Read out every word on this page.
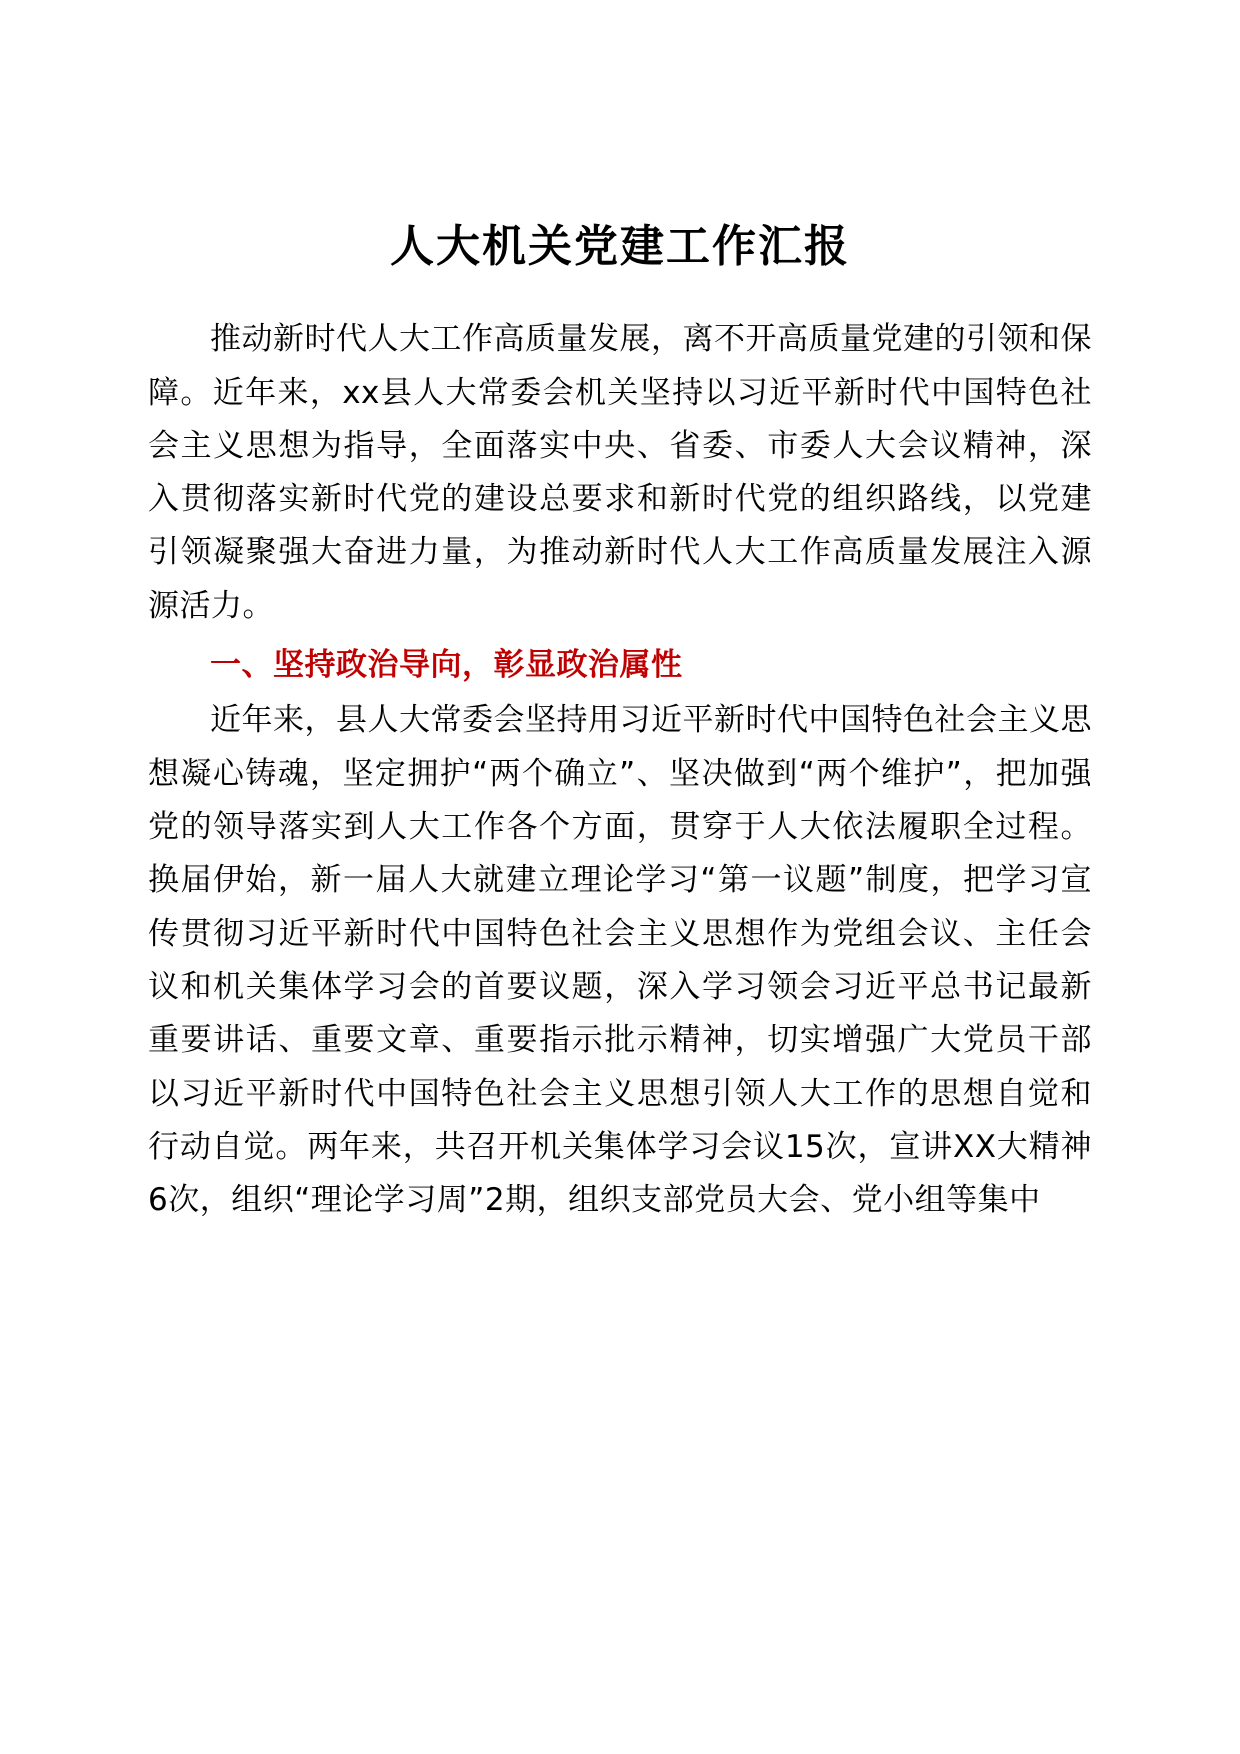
人大机关党建工作汇报

推动新时代人大工作高质量发展，离不开高质量党建的引领和保障。近年来，xx县人大常委会机关坚持以习近平新时代中国特色社会主义思想为指导，全面落实中央、省委、市委人大会议精神，深入贯彻落实新时代党的建设总要求和新时代党的组织路线，以党建引领凝聚强大奋进力量，为推动新时代人大工作高质量发展注入源源活力。

一、坚持政治导向，彰显政治属性

近年来，县人大常委会坚持用习近平新时代中国特色社会主义思想凝心铸魂，坚定拥护“两个确立”、坚决做到“两个维护”，把加强党的领导落实到人大工作各个方面，贯穿于人大依法履职全过程。换届伊始，新一届人大就建立理论学习“第一议题”制度，把学习宣传贯彻习近平新时代中国特色社会主义思想作为党组会议、主任会议和机关集体学习会的首要议题，深入学习领会习近平总书记最新重要讲话、重要文章、重要指示批示精神，切实增强广大党员干部以习近平新时代中国特色社会主义思想引领人大工作的思想自觉和行动自觉。两年来，共召开机关集体学习会议15次，宣讲XX大精神6次，组织“理论学习周”2期，组织支部党员大会、党小组等集中
